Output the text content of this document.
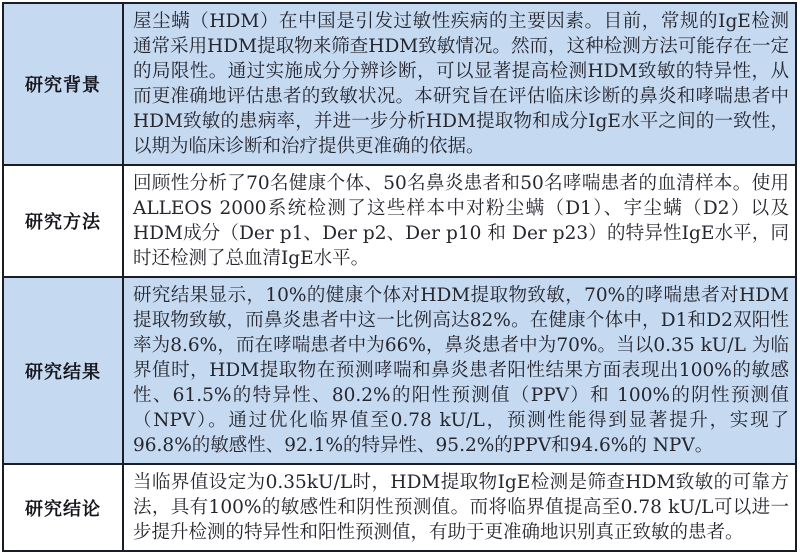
研究背景	屋尘螨（HDM）在中国是引发过敏性疾病的主要因素。目前，常规的IgE检测通常采用HDM提取物来筛查HDM致敏情况。然而，这种检测方法可能存在一定的局限性。通过实施成分分辨诊断，可以显著提高检测HDM致敏的特异性，从而更准确地评估患者的致敏状况。本研究旨在评估临床诊断的鼻炎和哮喘患者中HDM致敏的患病率，并进一步分析HDM提取物和成分IgE水平之间的一致性，以期为临床诊断和治疗提供更准确的依据。
研究方法	回顾性分析了70名健康个体、50名鼻炎患者和50名哮喘患者的血清样本。使用ALLEOS 2000系统检测了这些样本中对粉尘螨（D1）、宇尘螨（D2）以及HDM成分（Der p1、Der p2、Der p10 和 Der p23）的特异性IgE水平，同时还检测了总血清IgE水平。
研究结果	研究结果显示，10%的健康个体对HDM提取物致敏，70%的哮喘患者对HDM提取物致敏，而鼻炎患者中这一比例高达82%。在健康个体中，D1和D2双阳性率为8.6%，而在哮喘患者中为66%，鼻炎患者中为70%。当以0.35 kU/L 为临界值时，HDM提取物在预测哮喘和鼻炎患者阳性结果方面表现出100%的敏感性、61.5%的特异性、80.2%的阳性预测值（PPV）和 100%的阴性预测值（NPV）。通过优化临界值至0.78 kU/L，预测性能得到显著提升，实现了96.8%的敏感性、92.1%的特异性、95.2%的PPV和94.6%的 NPV。
研究结论	当临界值设定为0.35kU/L时，HDM提取物IgE检测是筛查HDM致敏的可靠方法，具有100%的敏感性和阴性预测值。而将临界值提高至0.78 kU/L可以进一步提升检测的特异性和阳性预测值，有助于更准确地识别真正致敏的患者。
